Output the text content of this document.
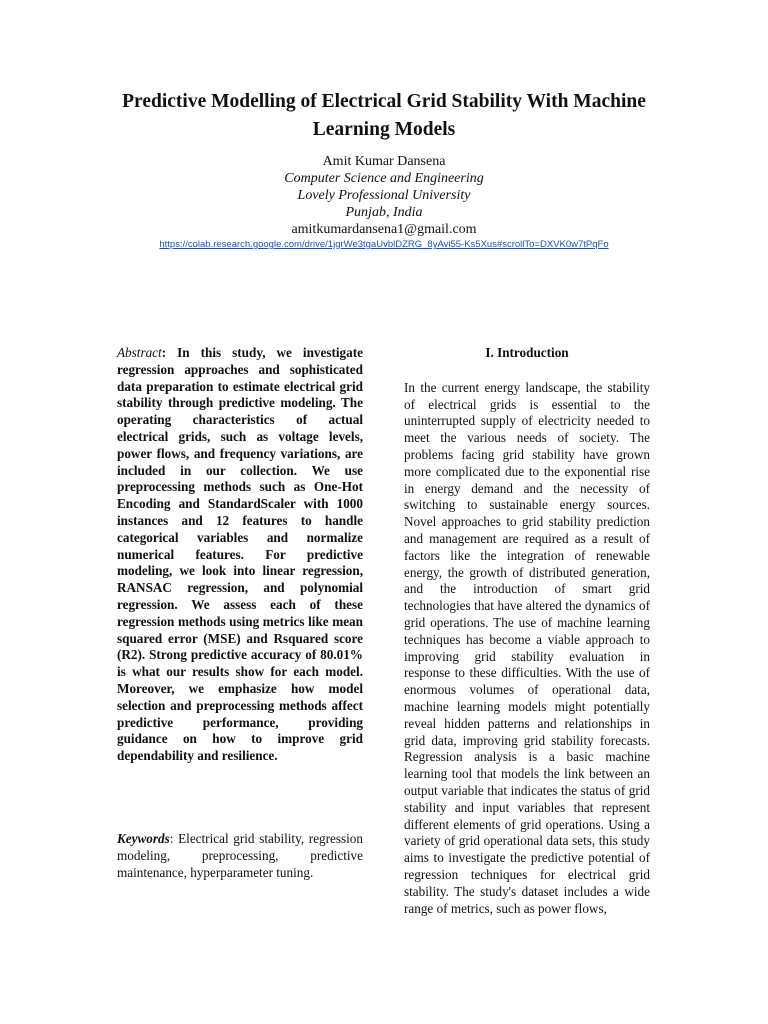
Predictive Modelling of Electrical Grid Stability With Machine Learning Models
Amit Kumar Dansena
Computer Science and Engineering
Lovely Professional University
Punjab, India
amitkumardansena1@gmail.com
https://colab.research.google.com/drive/1jgrWe3tgaUvblDZRG_8yAvi55-Ks5Xus#scrollTo=DXVK0w7tPqFo

Abstract: In this study, we investigate regression approaches and sophisticated data preparation to estimate electrical grid stability through predictive modeling. The operating characteristics of actual electrical grids, such as voltage levels, power flows, and frequency variations, are included in our collection. We use preprocessing methods such as One-Hot Encoding and StandardScaler with 1000 instances and 12 features to handle categorical variables and normalize numerical features. For predictive modeling, we look into linear regression, RANSAC regression, and polynomial regression. We assess each of these regression methods using metrics like mean squared error (MSE) and Rsquared score (R2). Strong predictive accuracy of 80.01% is what our results show for each model. Moreover, we emphasize how model selection and preprocessing methods affect predictive performance, providing guidance on how to improve grid dependability and resilience.

Keywords: Electrical grid stability, regression modeling, preprocessing, predictive maintenance, hyperparameter tuning.

I. Introduction

In the current energy landscape, the stability of electrical grids is essential to the uninterrupted supply of electricity needed to meet the various needs of society. The problems facing grid stability have grown more complicated due to the exponential rise in energy demand and the necessity of switching to sustainable energy sources. Novel approaches to grid stability prediction and management are required as a result of factors like the integration of renewable energy, the growth of distributed generation, and the introduction of smart grid technologies that have altered the dynamics of grid operations. The use of machine learning techniques has become a viable approach to improving grid stability evaluation in response to these difficulties. With the use of enormous volumes of operational data, machine learning models might potentially reveal hidden patterns and relationships in grid data, improving grid stability forecasts. Regression analysis is a basic machine learning tool that models the link between an output variable that indicates the status of grid stability and input variables that represent different elements of grid operations. Using a variety of grid operational data sets, this study aims to investigate the predictive potential of regression techniques for electrical grid stability. The study's dataset includes a wide range of metrics, such as power flows,
